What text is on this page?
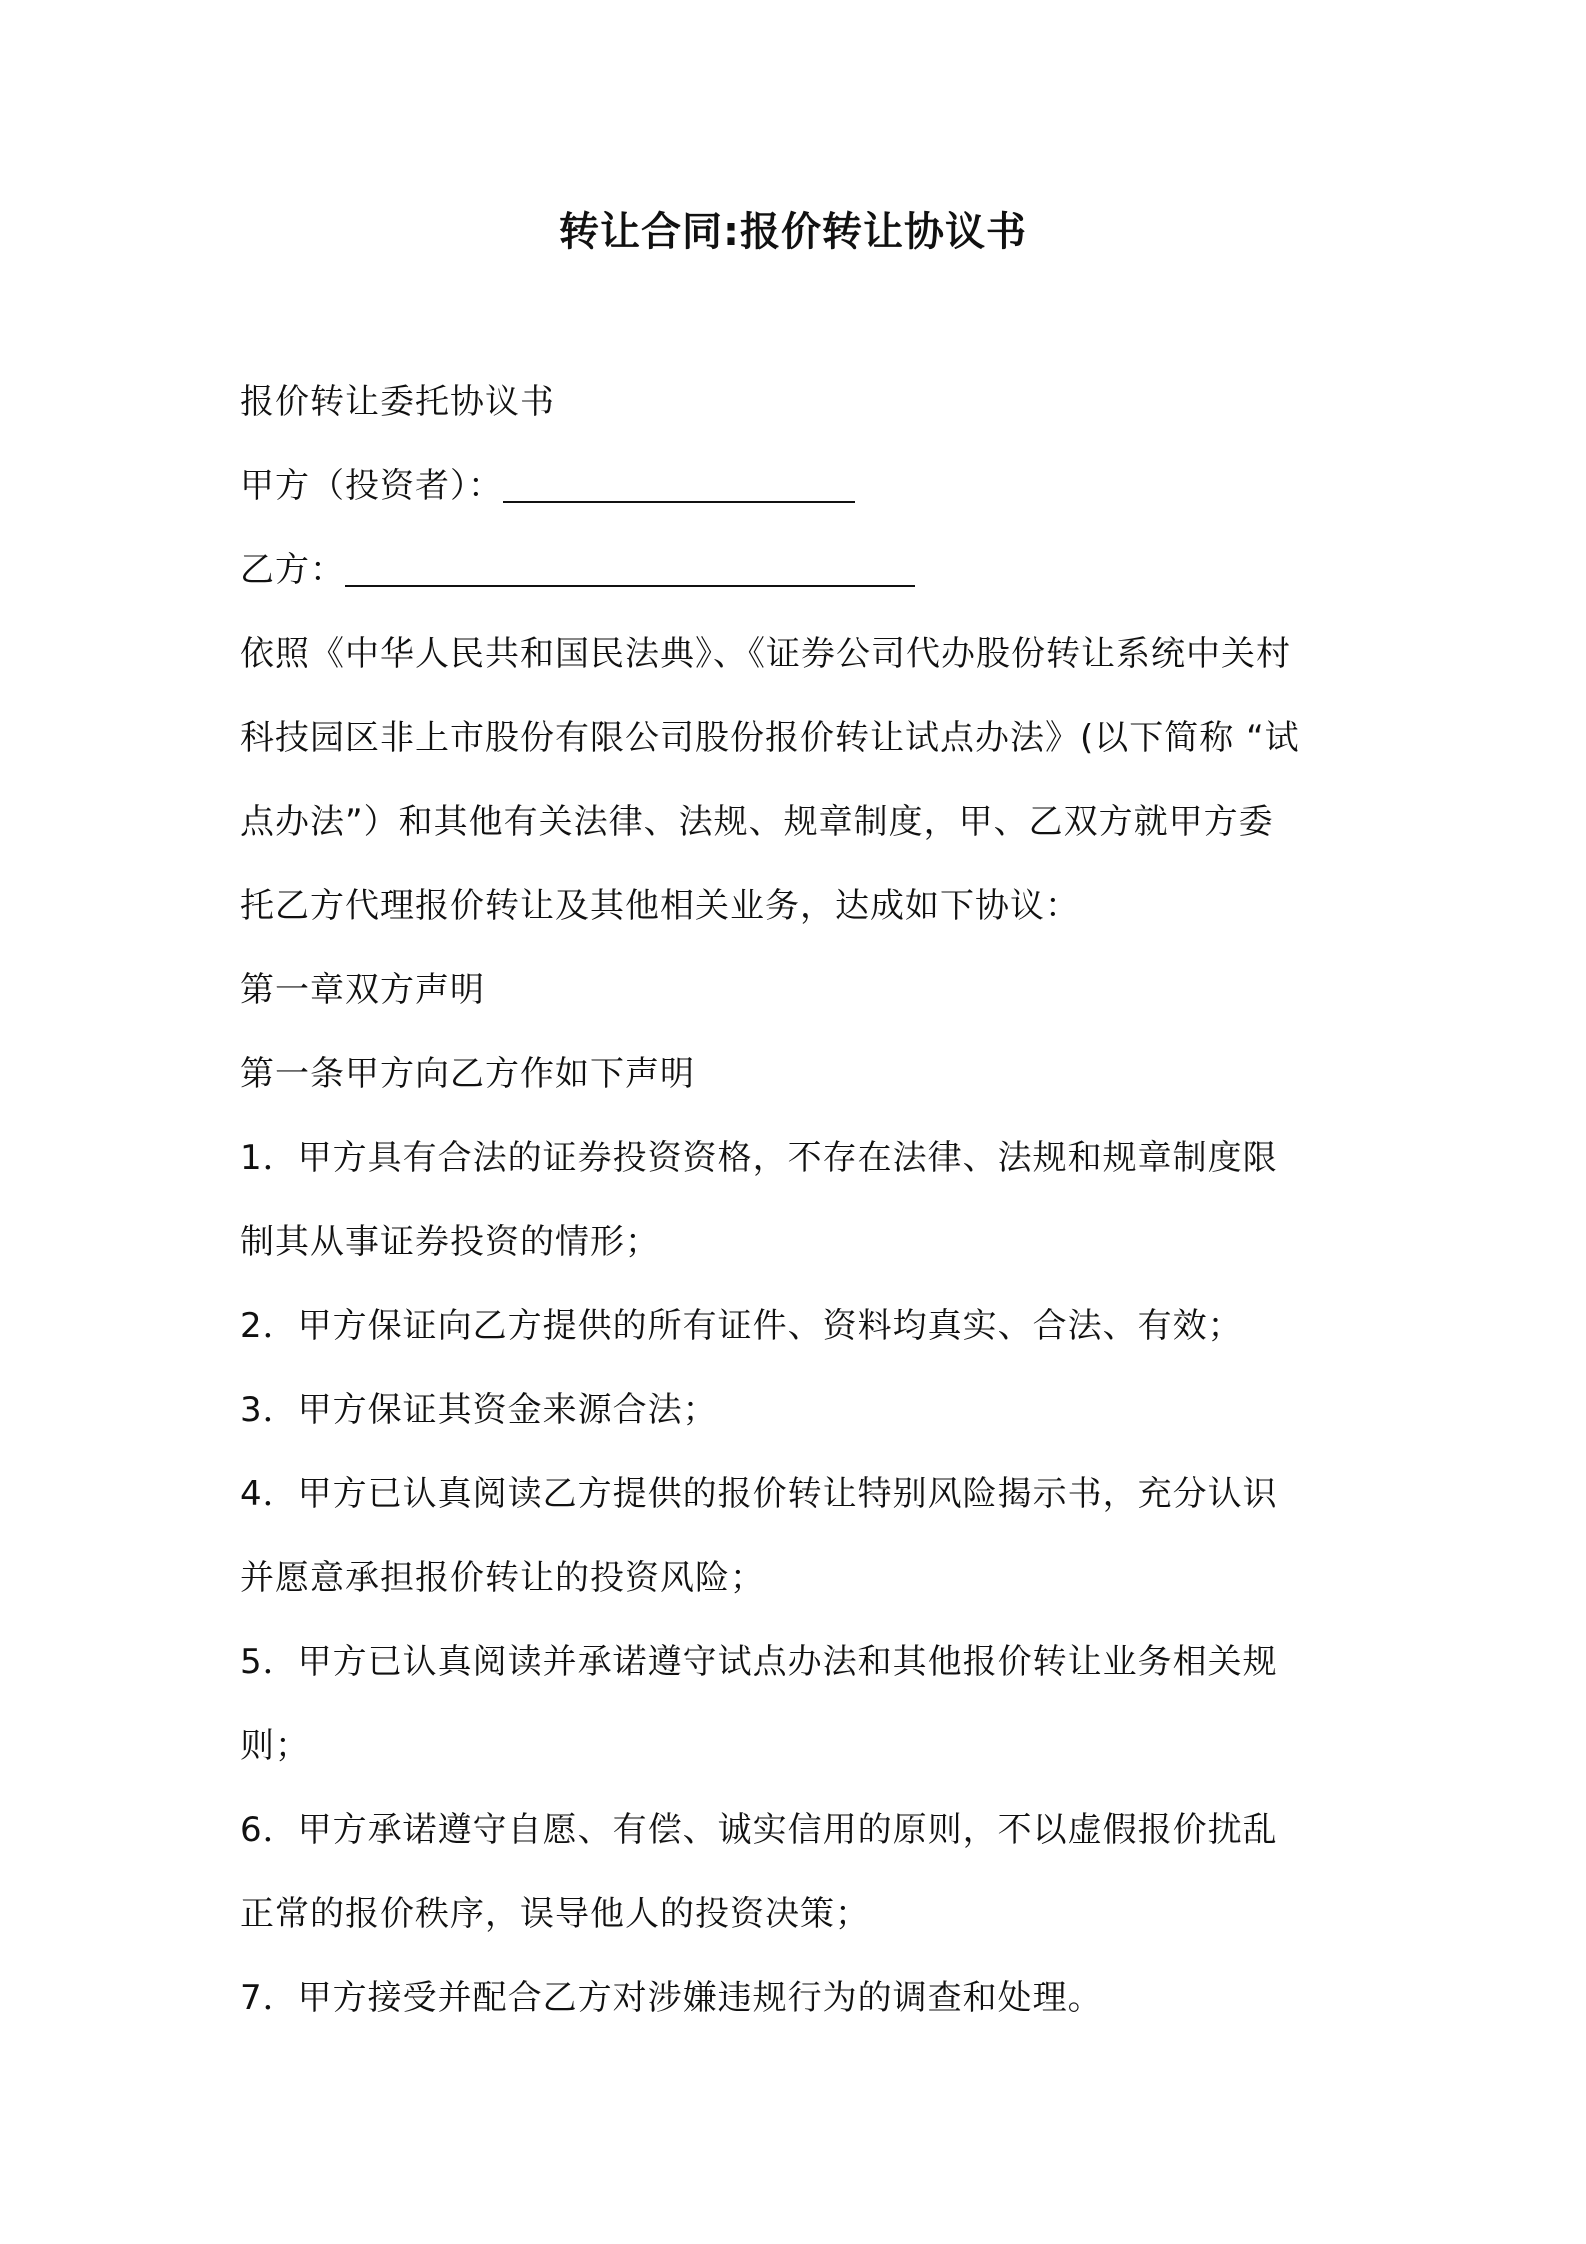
转让合同:报价转让协议书

报价转让委托协议书

甲方（投资者）：

乙方：

依照《中华人民共和国民法典》、《证券公司代办股份转让系统中关村

科技园区非上市股份有限公司股份报价转让试点办法》(以下简称 “试

点办法”）和其他有关法律、法规、规章制度，甲、乙双方就甲方委

托乙方代理报价转让及其他相关业务，达成如下协议：

第一章双方声明

第一条甲方向乙方作如下声明

1．甲方具有合法的证券投资资格，不存在法律、法规和规章制度限

制其从事证券投资的情形；

2．甲方保证向乙方提供的所有证件、资料均真实、合法、有效；

3．甲方保证其资金来源合法；

4．甲方已认真阅读乙方提供的报价转让特别风险揭示书，充分认识

并愿意承担报价转让的投资风险；

5．甲方已认真阅读并承诺遵守试点办法和其他报价转让业务相关规

则；

6．甲方承诺遵守自愿、有偿、诚实信用的原则，不以虚假报价扰乱

正常的报价秩序，误导他人的投资决策；

7．甲方接受并配合乙方对涉嫌违规行为的调查和处理。
